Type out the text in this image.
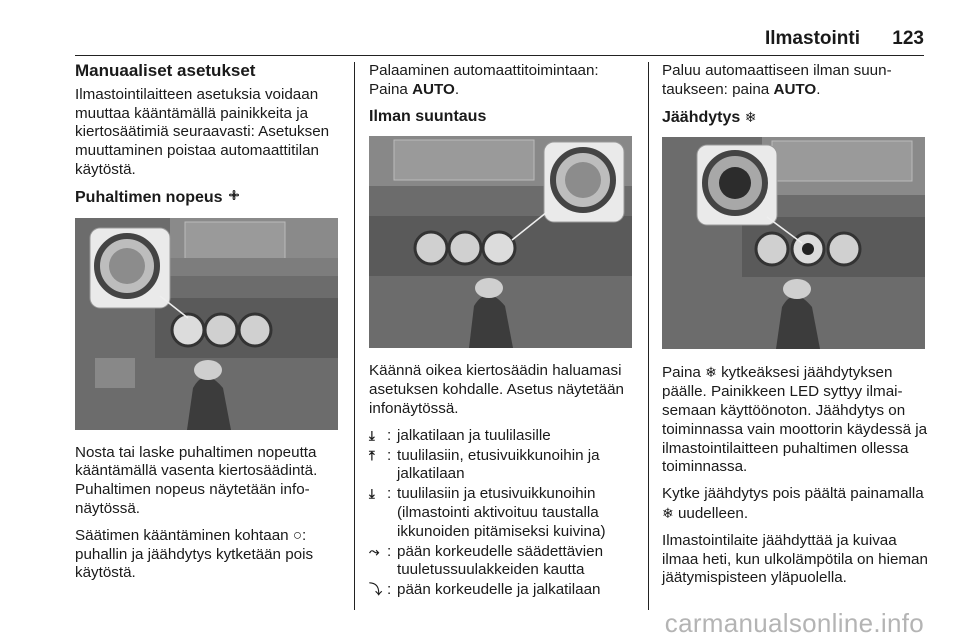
Ilmastointi 123
Manuaaliset asetukset

Ilmastointilaitteen asetuksia voidaan muuttaa kääntämällä painikkeita ja kiertosäätimiä seuraavasti: Asetuksen muuttaminen poistaa automaattitilan käytöstä.

Puhaltimen nopeus

Nosta tai laske puhaltimen nopeutta kääntämällä vasenta kiertosäädintä. Puhaltimen nopeus näytetään infonäytössä.

Säätimen kääntäminen kohtaan ○: puhallin ja jäähdytys kytketään pois käytöstä.

Palaaminen automaattitoimintaan: Paina AUTO.

Ilman suuntaus

Käännä oikea kiertosäädin haluamasi asetuksen kohdalle. Asetus näytetään infonäytössä.

⤓ : jalkatilaan ja tuulilasille
⤒ : tuulilasiin, etusivuikkunoihin ja jalkatilaan
⤓ : tuulilasiin ja etusivuikkunoihin (ilmastointi aktivoituu taustalla ikkunoiden pitämiseksi kuivina)
⤳ : pään korkeudelle säädettävien tuuletussuulakkeiden kautta
⤵ : pään korkeudelle ja jalkatilaan

Paluu automaattiseen ilman suuntaukseen: paina AUTO.

Jäähdytys ❄

Paina ❄ kytkeäksesi jäähdytyksen päälle. Painikkeen LED syttyy ilmaisemaan käyttöönoton. Jäähdytys on toiminnassa vain moottorin käydessä ja ilmastointilaitteen puhaltimen ollessa toiminnassa.

Kytke jäähdytys pois päältä painamalla ❄ uudelleen.

Ilmastointilaite jäähdyttää ja kuivaa ilmaa heti, kun ulkolämpötila on hieman jäätymispisteen yläpuolella.

carmanualsonline.info
